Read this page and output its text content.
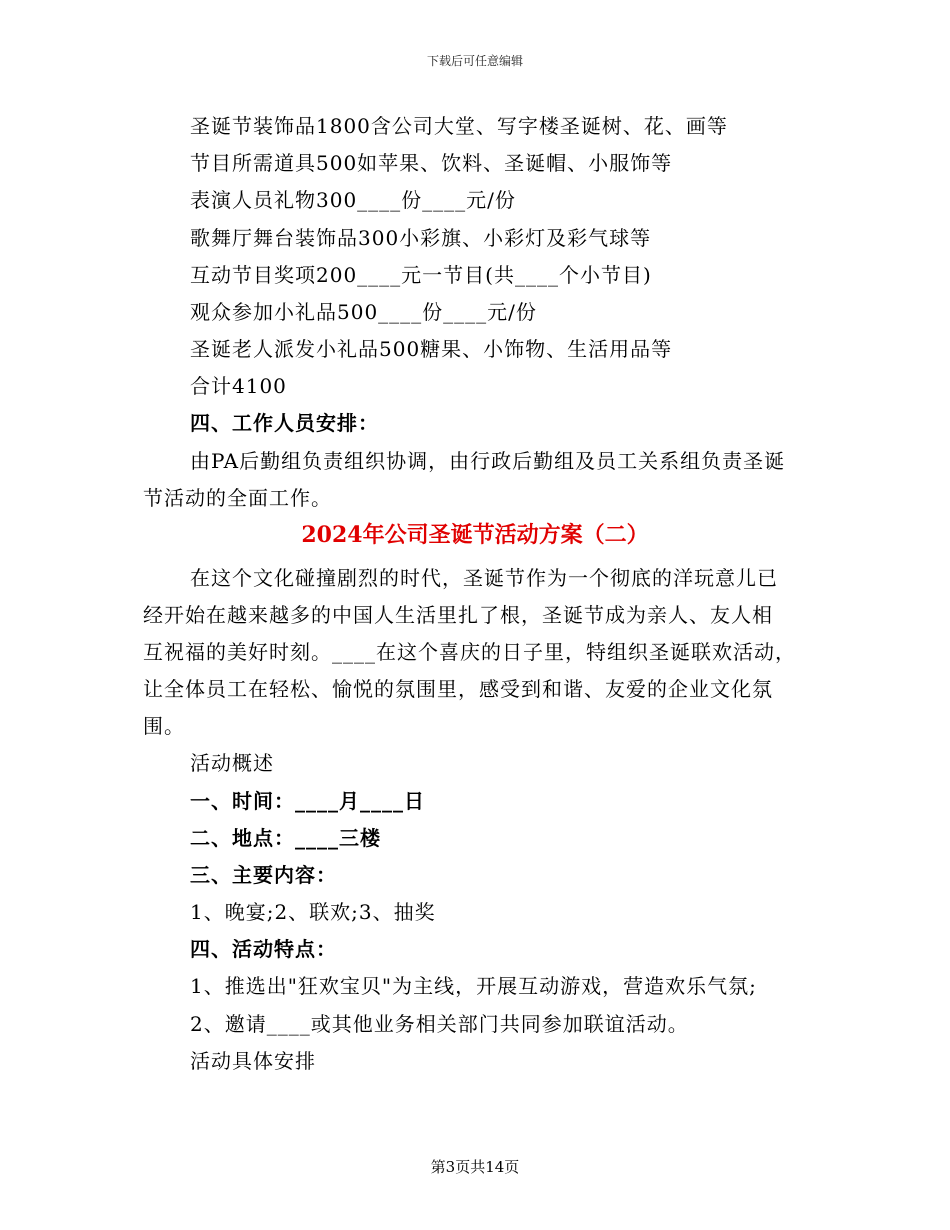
下载后可任意编辑
圣诞节装饰品1800含公司大堂、写字楼圣诞树、花、画等
节目所需道具500如苹果、饮料、圣诞帽、小服饰等
表演人员礼物300____份____元/份
歌舞厅舞台装饰品300小彩旗、小彩灯及彩气球等
互动节目奖项200____元一节目(共____个小节目)
观众参加小礼品500____份____元/份
圣诞老人派发小礼品500糖果、小饰物、生活用品等
合计4100
四、工作人员安排：
由PA后勤组负责组织协调，由行政后勤组及员工关系组负责圣诞
节活动的全面工作。
2024年公司圣诞节活动方案（二）
在这个文化碰撞剧烈的时代，圣诞节作为一个彻底的洋玩意儿已
经开始在越来越多的中国人生活里扎了根，圣诞节成为亲人、友人相
互祝福的美好时刻。____在这个喜庆的日子里，特组织圣诞联欢活动，
让全体员工在轻松、愉悦的氛围里，感受到和谐、友爱的企业文化氛
围。
活动概述
一、时间：____月____日
二、地点：____三楼
三、主要内容：
1、晚宴;2、联欢;3、抽奖
四、活动特点：
1、推选出"狂欢宝贝"为主线，开展互动游戏，营造欢乐气氛;
2、邀请____或其他业务相关部门共同参加联谊活动。
活动具体安排
第3页共14页
